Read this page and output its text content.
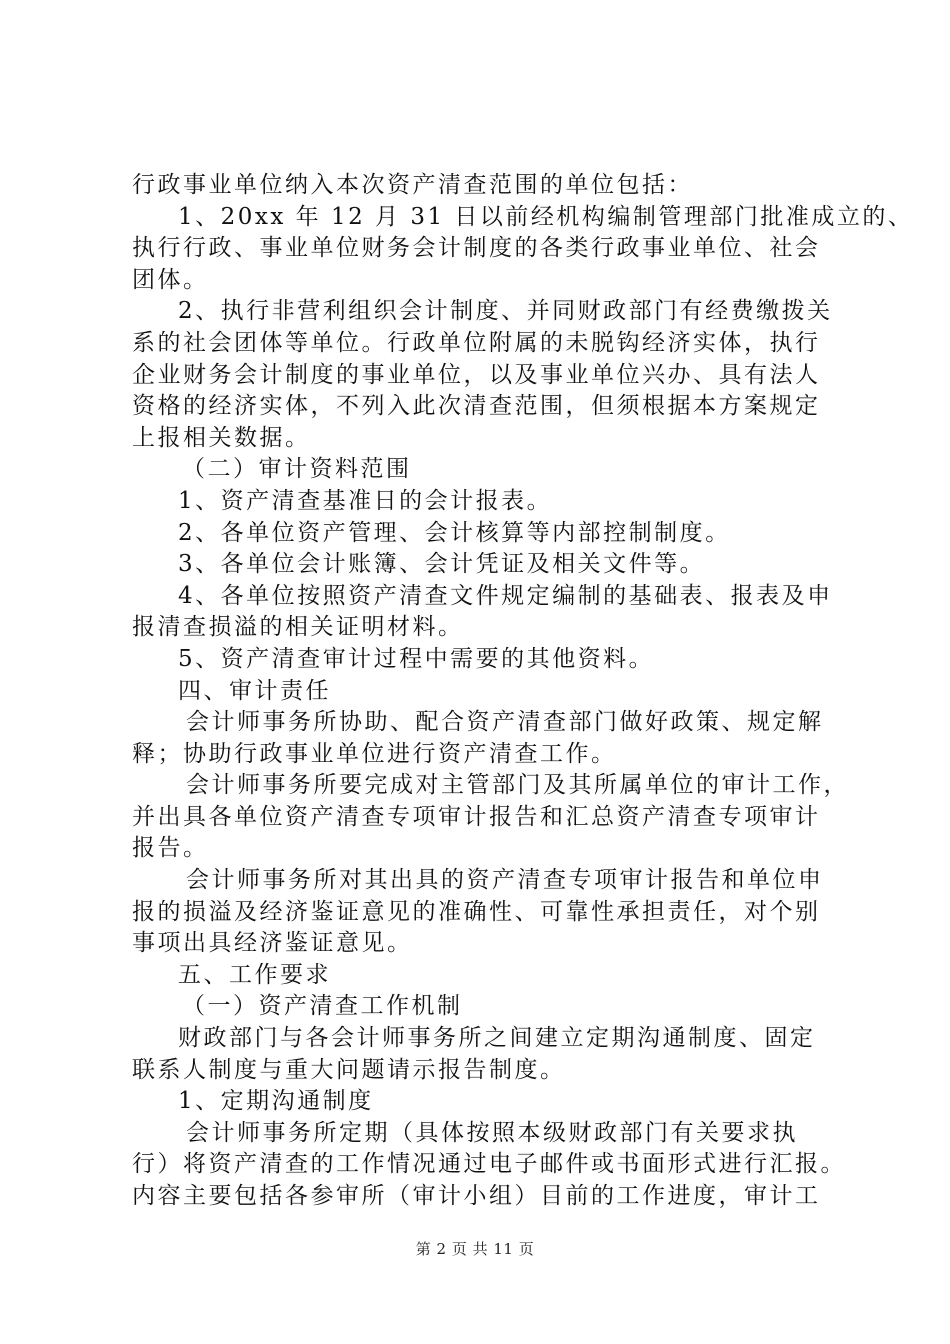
行政事业单位纳入本次资产清查范围的单位包括：
1、20xx 年 12 月 31 日以前经机构编制管理部门批准成立的、
执行行政、事业单位财务会计制度的各类行政事业单位、社会
团体。
2、执行非营利组织会计制度、并同财政部门有经费缴拨关
系的社会团体等单位。行政单位附属的未脱钩经济实体，执行
企业财务会计制度的事业单位，以及事业单位兴办、具有法人
资格的经济实体，不列入此次清查范围，但须根据本方案规定
上报相关数据。
（二）审计资料范围
1、资产清查基准日的会计报表。
2、各单位资产管理、会计核算等内部控制制度。
3、各单位会计账簿、会计凭证及相关文件等。
4、各单位按照资产清查文件规定编制的基础表、报表及申
报清查损溢的相关证明材料。
5、资产清查审计过程中需要的其他资料。
四、审计责任
会计师事务所协助、配合资产清查部门做好政策、规定解
释；协助行政事业单位进行资产清查工作。
会计师事务所要完成对主管部门及其所属单位的审计工作，
并出具各单位资产清查专项审计报告和汇总资产清查专项审计
报告。
会计师事务所对其出具的资产清查专项审计报告和单位申
报的损溢及经济鉴证意见的准确性、可靠性承担责任，对个别
事项出具经济鉴证意见。
五、工作要求
（一）资产清查工作机制
财政部门与各会计师事务所之间建立定期沟通制度、固定
联系人制度与重大问题请示报告制度。
1、定期沟通制度
会计师事务所定期（具体按照本级财政部门有关要求执
行）将资产清查的工作情况通过电子邮件或书面形式进行汇报。
内容主要包括各参审所（审计小组）目前的工作进度，审计工
第 2 页 共 11 页
